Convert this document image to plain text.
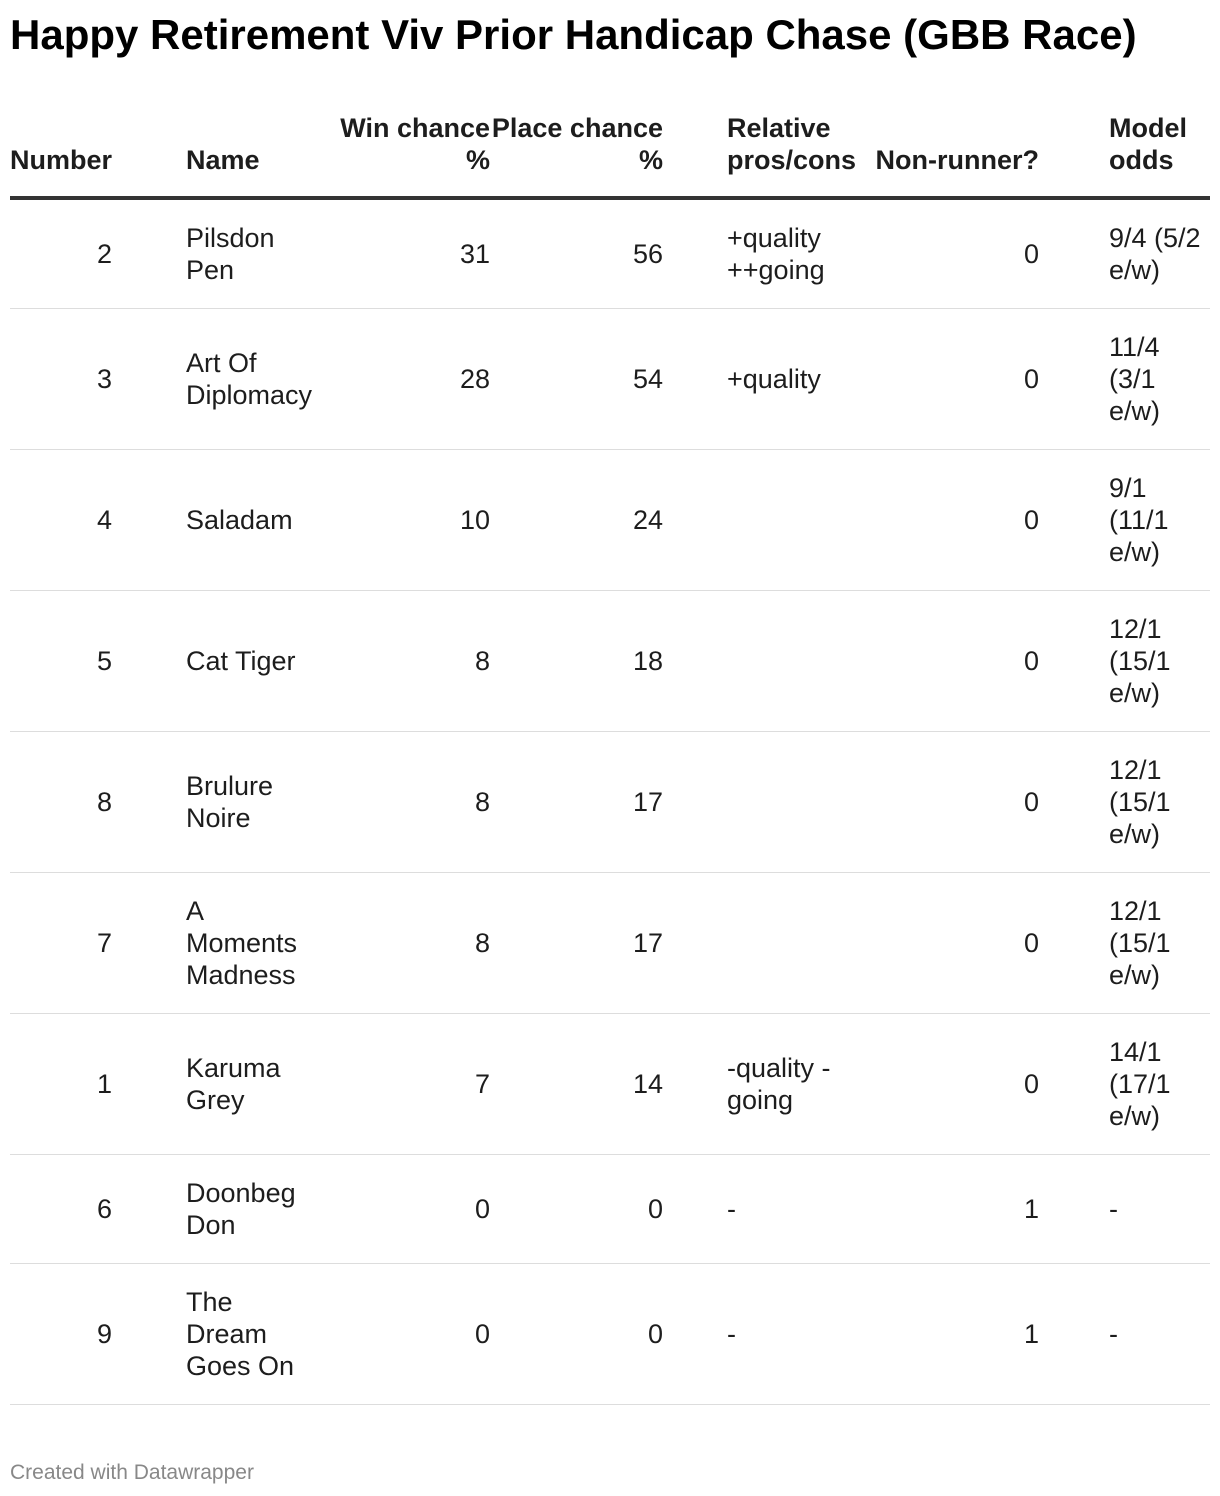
Happy Retirement Viv Prior Handicap Chase (GBB Race)
Number	Name	Win chance %	Place chance %	Relative pros/cons	Non-runner?	Model odds

2	Pilsdon Pen	31	56	+quality ++going	0	9/4 (5/2 e/w)

3	Art Of Diplomacy	28	54	+quality	0	11/4 (3/1 e/w)

4	Saladam	10	24		0	9/1 (11/1 e/w)

5	Cat Tiger	8	18		0	12/1 (15/1 e/w)

8	Brulure Noire	8	17		0	12/1 (15/1 e/w)

7	A Moments Madness	8	17		0	12/1 (15/1 e/w)

1	Karuma Grey	7	14	-quality -going	0	14/1 (17/1 e/w)

6	Doonbeg Don	0	0	-	1	-

9	The Dream Goes On	0	0	-	1	-
Created with Datawrapper
